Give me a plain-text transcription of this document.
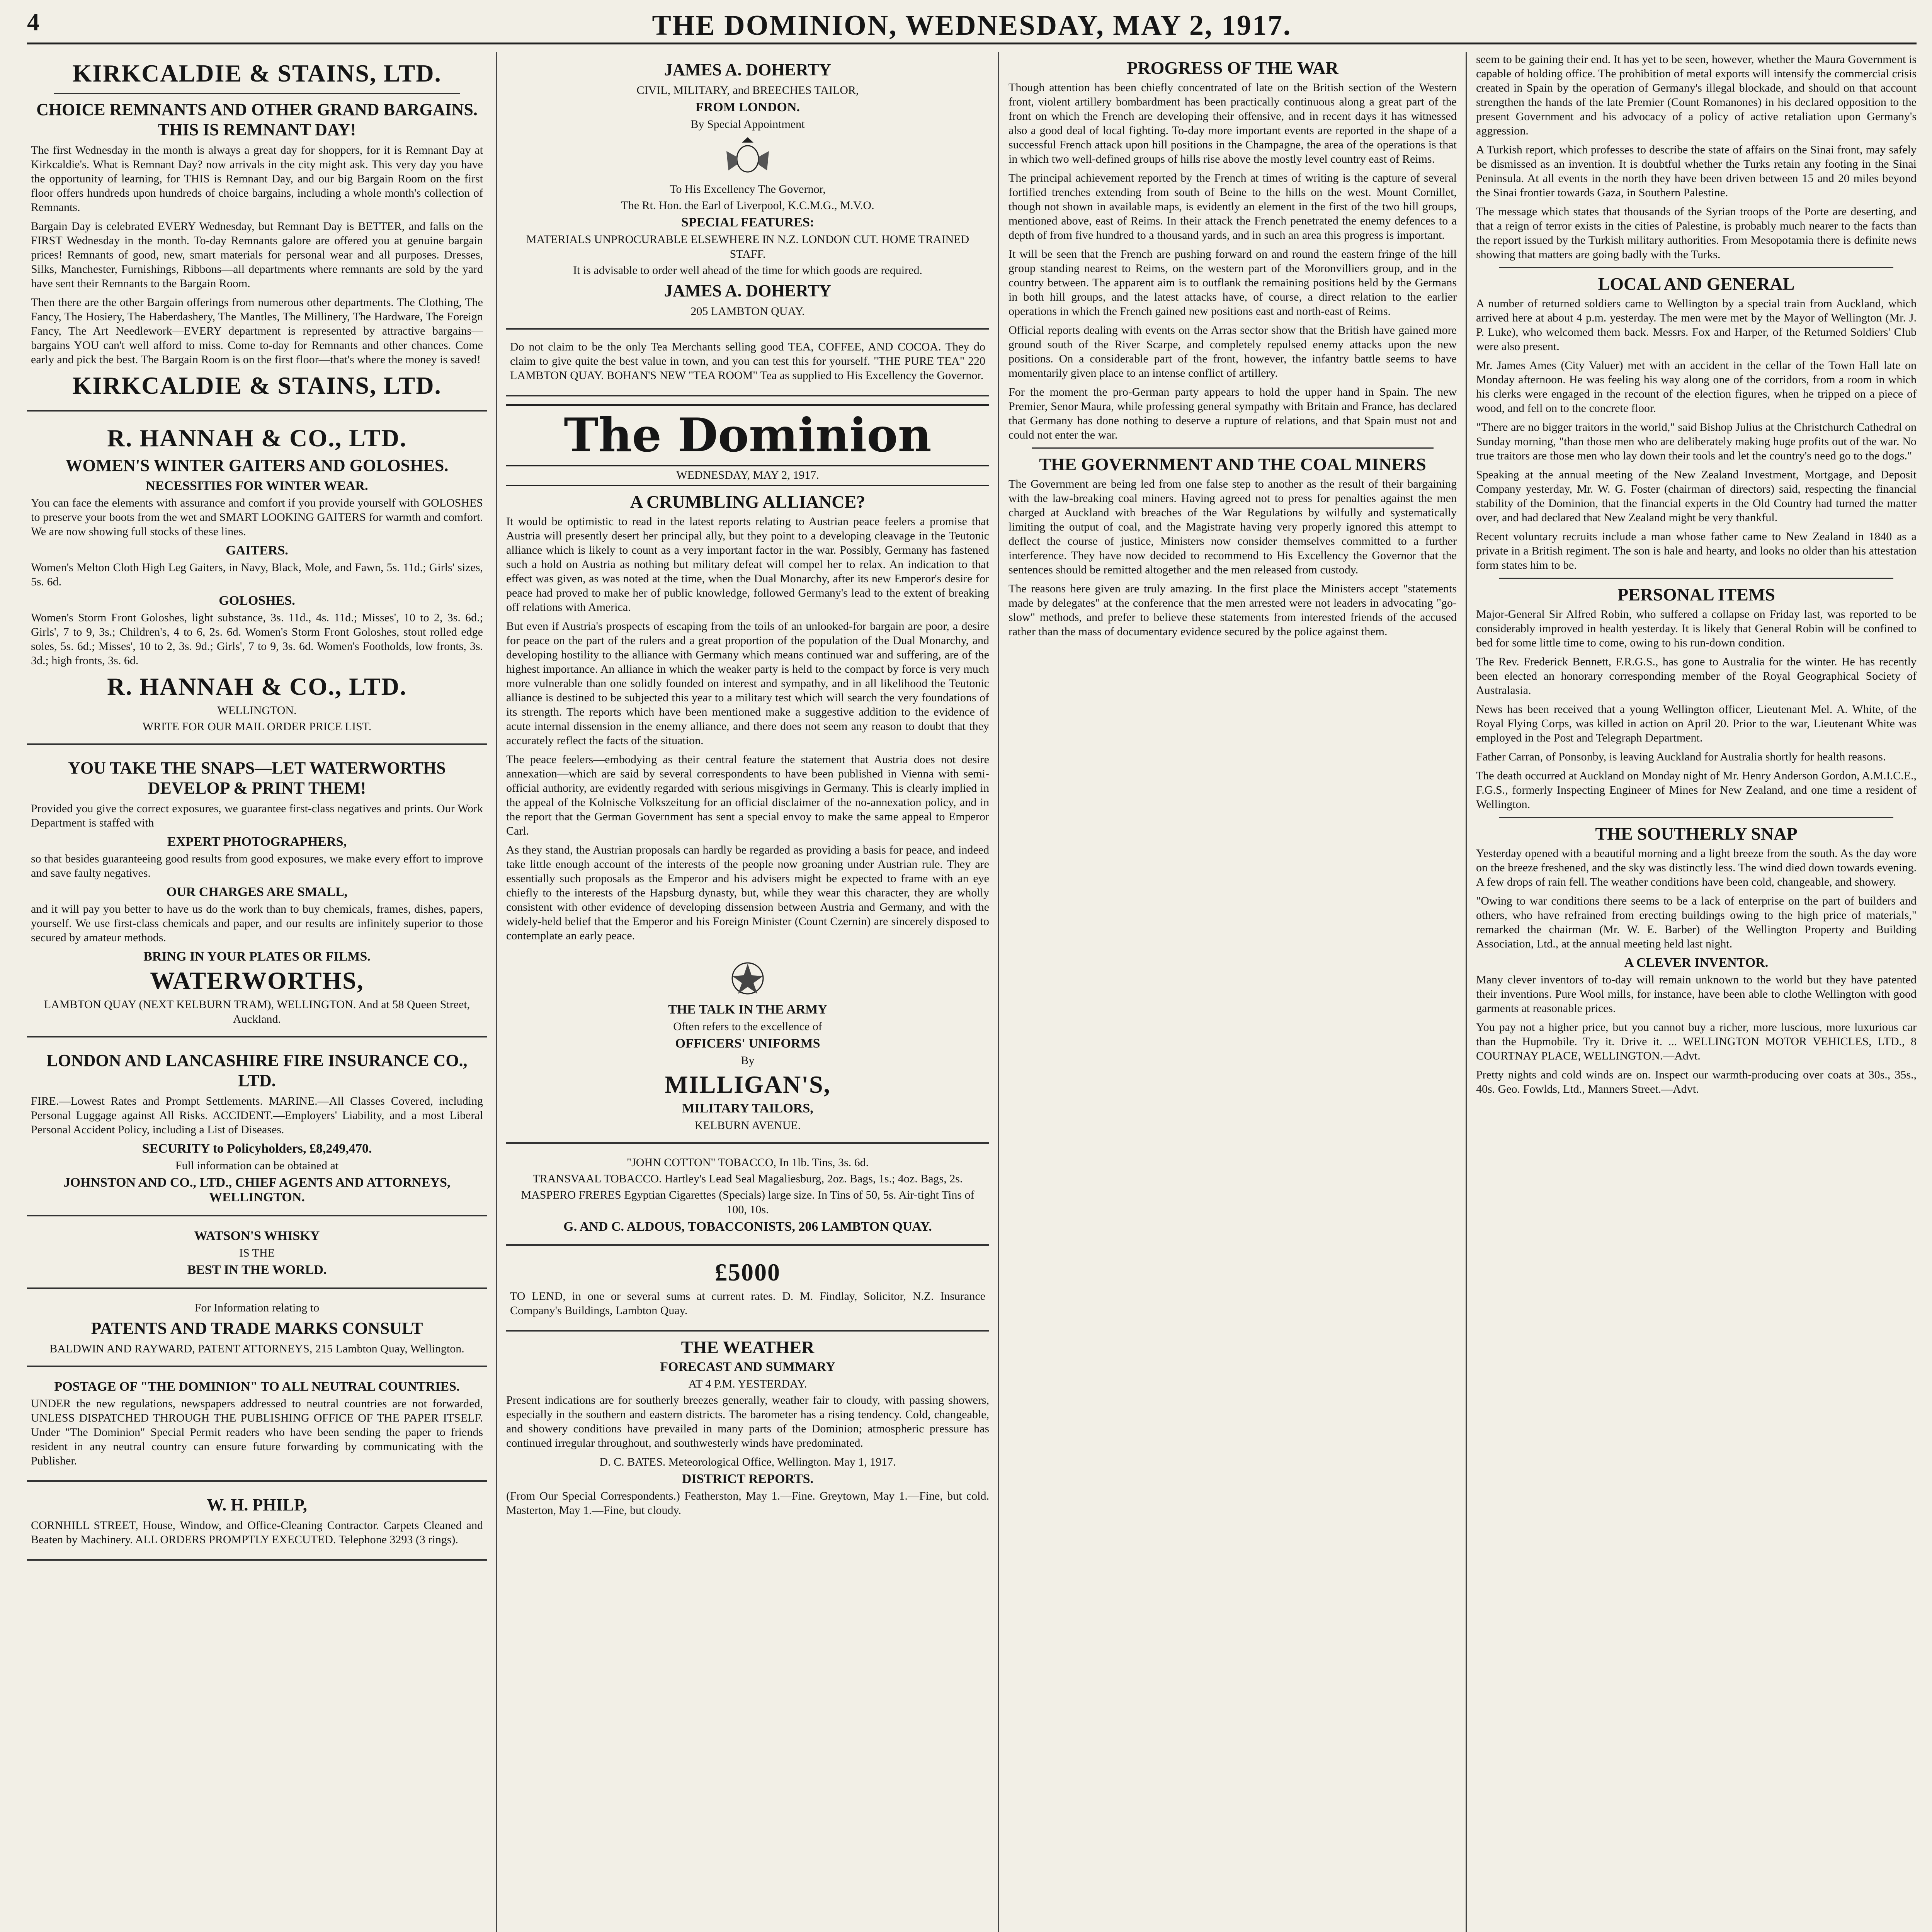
4	THE DOMINION, WEDNESDAY, MAY 2, 1917.
KIRKCALDIE & STAINS, LTD.
CHOICE REMNANTS AND OTHER GRAND BARGAINS. THIS IS REMNANT DAY!

The first Wednesday in the month is always a great day for shoppers, for it is Remnant Day at Kirkcaldie's. What is Remnant Day? now arrivals in the city might ask. This very day you have the opportunity of learning, for THIS is Remnant Day, and our big Bargain Room on the first floor offers hundreds upon hundreds of choice bargains, including a whole month's collection of Remnants.

Bargain Day is celebrated EVERY Wednesday, but Remnant Day is BETTER, and falls on the FIRST Wednesday in the month. To-day Remnants galore are offered you at genuine bargain prices! Remnants of good, new, smart materials for personal wear and all purposes. Dresses, Silks, Manchester, Furnishings, Ribbons—all departments where remnants are sold by the yard have sent their Remnants to the Bargain Room.

Then there are the other Bargain offerings from numerous other departments. The Clothing, The Fancy, The Hosiery, The Haberdashery, The Mantles, The Millinery, The Hardware, The Foreign Fancy, The Art Needlework—EVERY department is represented by attractive bargains—bargains YOU can't well afford to miss. Come to-day for Remnants and other chances. Come early and pick the best. The Bargain Room is on the first floor—that's where the money is saved!

KIRKCALDIE & STAINS, LTD.
R. HANNAH & CO., LTD.
WOMEN'S WINTER GAITERS AND GOLOSHES.
NECESSITIES FOR WINTER WEAR.

You can face the elements with assurance and comfort if you provide yourself with GOLOSHES to preserve your boots from the wet and SMART LOOKING GAITERS for warmth and comfort. We are now showing full stocks of these lines.

GAITERS.

Women's Melton Cloth High Leg Gaiters, in Navy, Black, Mole, and Fawn, 5s. 11d.; Girls' sizes, 5s. 6d.

GOLOSHES.

Women's Storm Front Goloshes, light substance, 3s. 11d., 4s. 11d.; Misses', 10 to 2, 3s. 6d.; Girls', 7 to 9, 3s.; Children's, 4 to 6, 2s. 6d. Women's Storm Front Goloshes, stout rolled edge soles, 5s. 6d.; Misses', 10 to 2, 3s. 9d.; Girls', 7 to 9, 3s. 6d. Women's Footholds, low fronts, 3s. 3d.; high fronts, 3s. 6d.

R. HANNAH & CO., LTD.
WELLINGTON.
WRITE FOR OUR MAIL ORDER PRICE LIST.
YOU TAKE THE SNAPS—LET WATERWORTHS DEVELOP & PRINT THEM!

Provided you give the correct exposures, we guarantee first-class negatives and prints. Our Work Department is staffed with

EXPERT PHOTOGRAPHERS,

so that besides guaranteeing good results from good exposures, we make every effort to improve and save faulty negatives.

OUR CHARGES ARE SMALL,

and it will pay you better to have us do the work than to buy chemicals, frames, dishes, papers, yourself. We use first-class chemicals and paper, and our results are infinitely superior to those secured by amateur methods.

BRING IN YOUR PLATES OR FILMS.
WATERWORTHS,
LAMBTON QUAY (NEXT KELBURN TRAM), WELLINGTON. And at 58 Queen Street, Auckland.
LONDON AND LANCASHIRE FIRE INSURANCE CO., LTD.

FIRE.—Lowest Rates and Prompt Settlements. MARINE.—All Classes Covered, including Personal Luggage against All Risks. ACCIDENT.—Employers' Liability, and a most Liberal Personal Accident Policy, including a List of Diseases.

SECURITY to Policyholders, £8,249,470.
Full information can be obtained at
JOHNSTON AND CO., LTD., CHIEF AGENTS AND ATTORNEYS, WELLINGTON.
WATSON'S WHISKY
IS THE
BEST IN THE WORLD.
For Information relating to
PATENTS AND TRADE MARKS CONSULT
BALDWIN AND RAYWARD, PATENT ATTORNEYS, 215 Lambton Quay, Wellington.
POSTAGE OF "THE DOMINION" TO ALL NEUTRAL COUNTRIES.

UNDER the new regulations, newspapers addressed to neutral countries are not forwarded, UNLESS DISPATCHED THROUGH THE PUBLISHING OFFICE OF THE PAPER ITSELF. Under "The Dominion" Special Permit readers who have been sending the paper to friends resident in any neutral country can ensure future forwarding by communicating with the Publisher.

W. H. PHILP,

CORNHILL STREET, House, Window, and Office-Cleaning Contractor. Carpets Cleaned and Beaten by Machinery. ALL ORDERS PROMPTLY EXECUTED. Telephone 3293 (3 rings).

JAMES A. DOHERTY
CIVIL, MILITARY, and BREECHES TAILOR,
FROM LONDON.
By Special Appointment
To His Excellency The Governor,
The Rt. Hon. the Earl of Liverpool, K.C.M.G., M.V.O.
SPECIAL FEATURES:
MATERIALS UNPROCURABLE ELSEWHERE IN N.Z. LONDON CUT. HOME TRAINED STAFF.
It is advisable to order well ahead of the time for which goods are required.
JAMES A. DOHERTY
205 LAMBTON QUAY.

Do not claim to be the only Tea Merchants selling good TEA, COFFEE, AND COCOA. They do claim to give quite the best value in town, and you can test this for yourself. "THE PURE TEA" 220 LAMBTON QUAY. BOHAN'S NEW "TEA ROOM" Tea as supplied to His Excellency the Governor.

The Dominion
WEDNESDAY, MAY 2, 1917.
A CRUMBLING ALLIANCE?

It would be optimistic to read in the latest reports relating to Austrian peace feelers a promise that Austria will presently desert her principal ally, but they point to a developing cleavage in the Teutonic alliance which is likely to count as a very important factor in the war. Possibly, Germany has fastened such a hold on Austria as nothing but military defeat will compel her to relax. An indication to that effect was given, as was noted at the time, when the Dual Monarchy, after its new Emperor's desire for peace had proved to make her of public knowledge, followed Germany's lead to the extent of breaking off relations with America.

But even if Austria's prospects of escaping from the toils of an unlooked-for bargain are poor, a desire for peace on the part of the rulers and a great proportion of the population of the Dual Monarchy, and developing hostility to the alliance with Germany which means continued war and suffering, are of the highest importance. An alliance in which the weaker party is held to the compact by force is very much more vulnerable than one solidly founded on interest and sympathy, and in all likelihood the Teutonic alliance is destined to be subjected this year to a military test which will search the very foundations of its strength. The reports which have been mentioned make a suggestive addition to the evidence of acute internal dissension in the enemy alliance, and there does not seem any reason to doubt that they accurately reflect the facts of the situation.

The peace feelers—embodying as their central feature the statement that Austria does not desire annexation—which are said by several correspondents to have been published in Vienna with semi-official authority, are evidently regarded with serious misgivings in Germany. This is clearly implied in the appeal of the Kolnische Volkszeitung for an official disclaimer of the no-annexation policy, and in the report that the German Government has sent a special envoy to make the same appeal to Emperor Carl.

As they stand, the Austrian proposals can hardly be regarded as providing a basis for peace, and indeed take little enough account of the interests of the people now groaning under Austrian rule. They are essentially such proposals as the Emperor and his advisers might be expected to frame with an eye chiefly to the interests of the Hapsburg dynasty, but, while they wear this character, they are wholly consistent with other evidence of developing dissension between Austria and Germany, and with the widely-held belief that the Emperor and his Foreign Minister (Count Czernin) are sincerely disposed to contemplate an early peace.

THE TALK IN THE ARMY
Often refers to the excellence of
OFFICERS' UNIFORMS
By
MILLIGAN'S,
MILITARY TAILORS,
KELBURN AVENUE.
"JOHN COTTON" TOBACCO, In 1lb. Tins, 3s. 6d.
TRANSVAAL TOBACCO. Hartley's Lead Seal Magaliesburg, 2oz. Bags, 1s.; 4oz. Bags, 2s.
MASPERO FRERES Egyptian Cigarettes (Specials) large size. In Tins of 50, 5s. Air-tight Tins of 100, 10s.
G. AND C. ALDOUS, TOBACCONISTS, 206 LAMBTON QUAY.
£5000

TO LEND, in one or several sums at current rates. D. M. Findlay, Solicitor, N.Z. Insurance Company's Buildings, Lambton Quay.

THE WEATHER
FORECAST AND SUMMARY
AT 4 P.M. YESTERDAY.

Present indications are for southerly breezes generally, weather fair to cloudy, with passing showers, especially in the southern and eastern districts. The barometer has a rising tendency. Cold, changeable, and showery conditions have prevailed in many parts of the Dominion; atmospheric pressure has continued irregular throughout, and southwesterly winds have predominated.

D. C. BATES. Meteorological Office, Wellington. May 1, 1917.
DISTRICT REPORTS.

(From Our Special Correspondents.) Featherston, May 1.—Fine. Greytown, May 1.—Fine, but cold. Masterton, May 1.—Fine, but cloudy.

PROGRESS OF THE WAR

Though attention has been chiefly concentrated of late on the British section of the Western front, violent artillery bombardment has been practically continuous along a great part of the front on which the French are developing their offensive, and in recent days it has witnessed also a good deal of local fighting. To-day more important events are reported in the shape of a successful French attack upon hill positions in the Champagne, the area of the operations is that in which two well-defined groups of hills rise above the mostly level country east of Reims.

The principal achievement reported by the French at times of writing is the capture of several fortified trenches extending from south of Beine to the hills on the west. Mount Cornillet, though not shown in available maps, is evidently an element in the first of the two hill groups, mentioned above, east of Reims. In their attack the French penetrated the enemy defences to a depth of from five hundred to a thousand yards, and in such an area this progress is important.

It will be seen that the French are pushing forward on and round the eastern fringe of the hill group standing nearest to Reims, on the western part of the Moronvilliers group, and in the country between. The apparent aim is to outflank the remaining positions held by the Germans in both hill groups, and the latest attacks have, of course, a direct relation to the earlier operations in which the French gained new positions east and north-east of Reims.

Official reports dealing with events on the Arras sector show that the British have gained more ground south of the River Scarpe, and completely repulsed enemy attacks upon the new positions. On a considerable part of the front, however, the infantry battle seems to have momentarily given place to an intense conflict of artillery.

For the moment the pro-German party appears to hold the upper hand in Spain. The new Premier, Senor Maura, while professing general sympathy with Britain and France, has declared that Germany has done nothing to deserve a rupture of relations, and that Spain must not and could not enter the war.

THE GOVERNMENT AND THE COAL MINERS

The Government are being led from one false step to another as the result of their bargaining with the law-breaking coal miners. Having agreed not to press for penalties against the men charged at Auckland with breaches of the War Regulations by wilfully and systematically limiting the output of coal, and the Magistrate having very properly ignored this attempt to deflect the course of justice, Ministers now consider themselves committed to a further interference. They have now decided to recommend to His Excellency the Governor that the sentences should be remitted altogether and the men released from custody.

The reasons here given are truly amazing. In the first place the Ministers accept "statements made by delegates" at the conference that the men arrested were not leaders in advocating "go-slow" methods, and prefer to believe these statements from interested friends of the accused rather than the mass of documentary evidence secured by the police against them.

seem to be gaining their end. It has yet to be seen, however, whether the Maura Government is capable of holding office. The prohibition of metal exports will intensify the commercial crisis created in Spain by the operation of Germany's illegal blockade, and should on that account strengthen the hands of the late Premier (Count Romanones) in his declared opposition to the present Government and his advocacy of a policy of active retaliation upon Germany's aggression.

A Turkish report, which professes to describe the state of affairs on the Sinai front, may safely be dismissed as an invention. It is doubtful whether the Turks retain any footing in the Sinai Peninsula. At all events in the north they have been driven between 15 and 20 miles beyond the Sinai frontier towards Gaza, in Southern Palestine.

The message which states that thousands of the Syrian troops of the Porte are deserting, and that a reign of terror exists in the cities of Palestine, is probably much nearer to the facts than the report issued by the Turkish military authorities. From Mesopotamia there is definite news showing that matters are going badly with the Turks.

LOCAL AND GENERAL

A number of returned soldiers came to Wellington by a special train from Auckland, which arrived here at about 4 p.m. yesterday. The men were met by the Mayor of Wellington (Mr. J. P. Luke), who welcomed them back. Messrs. Fox and Harper, of the Returned Soldiers' Club were also present.

Mr. James Ames (City Valuer) met with an accident in the cellar of the Town Hall late on Monday afternoon. He was feeling his way along one of the corridors, from a room in which his clerks were engaged in the recount of the election figures, when he tripped on a piece of wood, and fell on to the concrete floor.

"There are no bigger traitors in the world," said Bishop Julius at the Christchurch Cathedral on Sunday morning, "than those men who are deliberately making huge profits out of the war. No true traitors are those men who lay down their tools and let the country's need go to the dogs."

Speaking at the annual meeting of the New Zealand Investment, Mortgage, and Deposit Company yesterday, Mr. W. G. Foster (chairman of directors) said, respecting the financial stability of the Dominion, that the financial experts in the Old Country had turned the matter over, and had declared that New Zealand might be very thankful.

Recent voluntary recruits include a man whose father came to New Zealand in 1840 as a private in a British regiment. The son is hale and hearty, and looks no older than his attestation form states him to be.

PERSONAL ITEMS

Major-General Sir Alfred Robin, who suffered a collapse on Friday last, was reported to be considerably improved in health yesterday. It is likely that General Robin will be confined to bed for some little time to come, owing to his run-down condition.

The Rev. Frederick Bennett, F.R.G.S., has gone to Australia for the winter. He has recently been elected an honorary corresponding member of the Royal Geographical Society of Australasia.

News has been received that a young Wellington officer, Lieutenant Mel. A. White, of the Royal Flying Corps, was killed in action on April 20. Prior to the war, Lieutenant White was employed in the Post and Telegraph Department.

Father Carran, of Ponsonby, is leaving Auckland for Australia shortly for health reasons.

The death occurred at Auckland on Monday night of Mr. Henry Anderson Gordon, A.M.I.C.E., F.G.S., formerly Inspecting Engineer of Mines for New Zealand, and one time a resident of Wellington.

THE SOUTHERLY SNAP

Yesterday opened with a beautiful morning and a light breeze from the south. As the day wore on the breeze freshened, and the sky was distinctly less. The wind died down towards evening. A few drops of rain fell. The weather conditions have been cold, changeable, and showery.

"Owing to war conditions there seems to be a lack of enterprise on the part of builders and others, who have refrained from erecting buildings owing to the high price of materials," remarked the chairman (Mr. W. E. Barber) of the Wellington Property and Building Association, Ltd., at the annual meeting held last night.

A CLEVER INVENTOR.

Many clever inventors of to-day will remain unknown to the world but they have patented their inventions. Pure Wool mills, for instance, have been able to clothe Wellington with good garments at reasonable prices.

You pay not a higher price, but you cannot buy a richer, more luscious, more luxurious car than the Hupmobile. Try it. Drive it. ... WELLINGTON MOTOR VEHICLES, LTD., 8 COURTNAY PLACE, WELLINGTON.—Advt.

Pretty nights and cold winds are on. Inspect our warmth-producing over coats at 30s., 35s., 40s. Geo. Fowlds, Ltd., Manners Street.—Advt.
